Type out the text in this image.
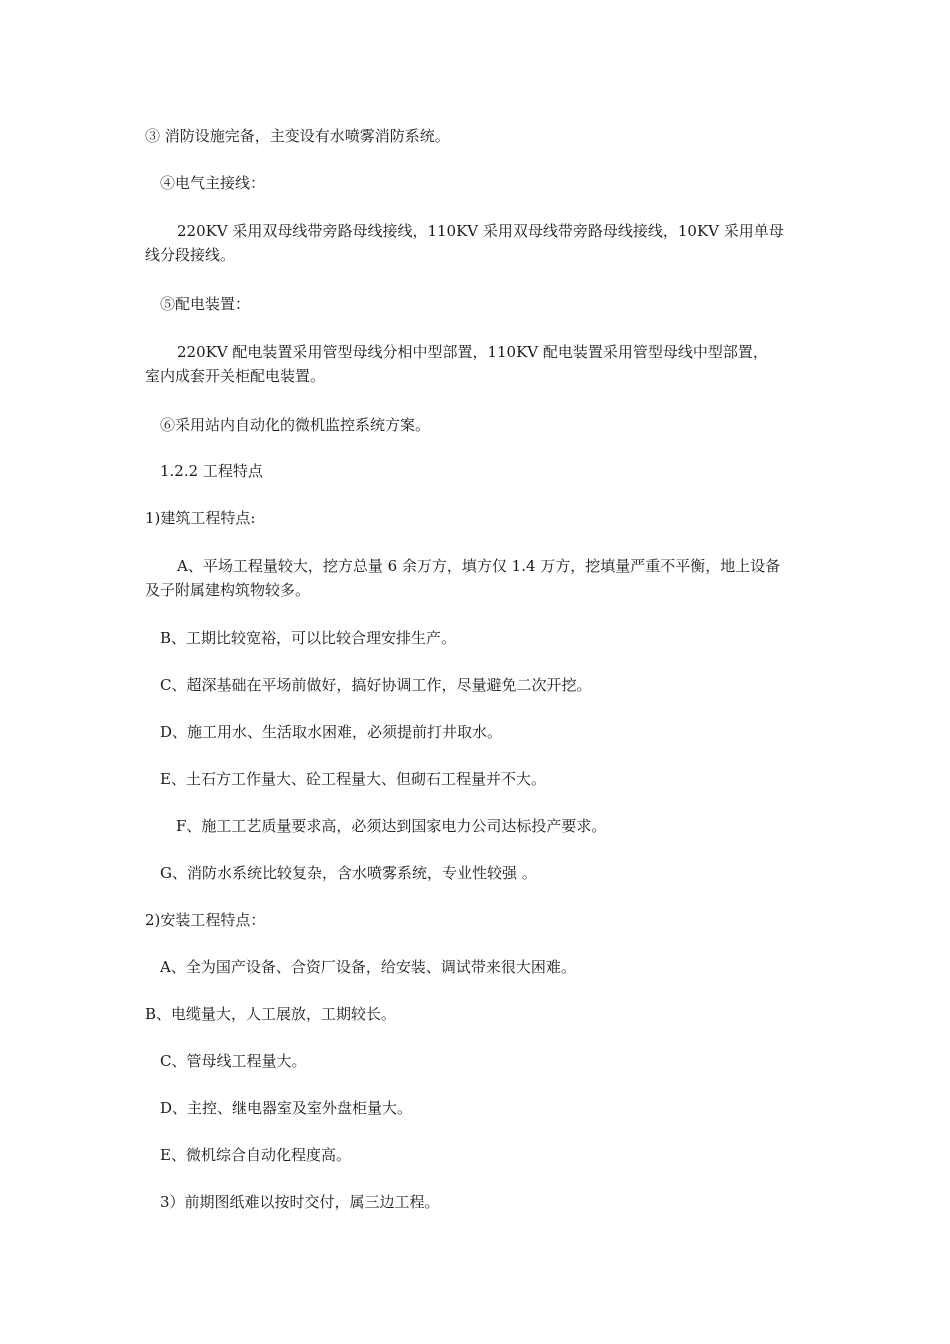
③ 消防设施完备，主变设有水喷雾消防系统。

④电气主接线：

220KV 采用双母线带旁路母线接线，110KV 采用双母线带旁路母线接线，10KV 采用单母
线分段接线。

⑤配电装置：

220KV 配电装置采用管型母线分相中型部置，110KV 配电装置采用管型母线中型部置，
室内成套开关柜配电装置。

⑥采用站内自动化的微机监控系统方案。

1.2.2 工程特点

1)建筑工程特点:

A、平场工程量较大，挖方总量 6 余万方，填方仅 1.4 万方，挖填量严重不平衡，地上设备
及子附属建构筑物较多。

B、工期比较宽裕，可以比较合理安排生产。

C、超深基础在平场前做好，搞好协调工作，尽量避免二次开挖。

D、施工用水、生活取水困难，必须提前打井取水。

E、土石方工作量大、砼工程量大、但砌石工程量并不大。

F、施工工艺质量要求高，必须达到国家电力公司达标投产要求。

G、消防水系统比较复杂，含水喷雾系统，专业性较强 。

2)安装工程特点：

A、全为国产设备、合资厂设备，给安装、调试带来很大困难。

B、电缆量大，人工展放，工期较长。

C、管母线工程量大。

D、主控、继电器室及室外盘柜量大。

E、微机综合自动化程度高。

3）前期图纸难以按时交付，属三边工程。
